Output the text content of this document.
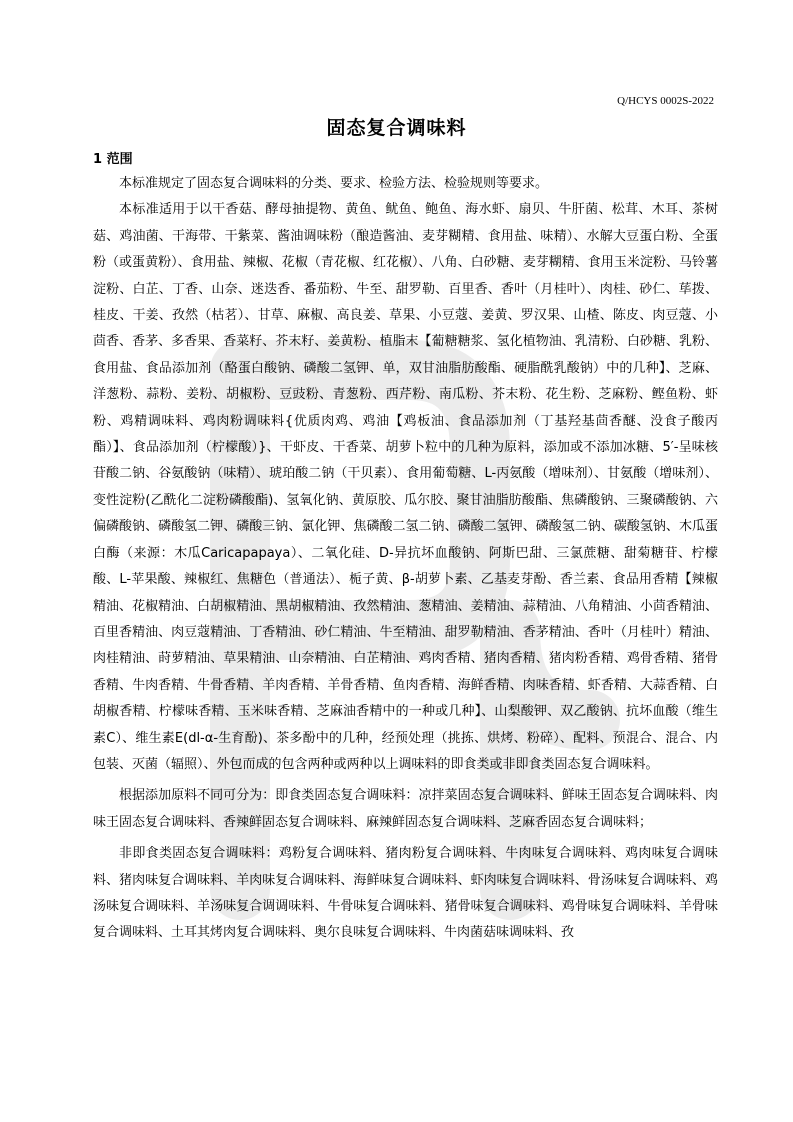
Q/HCYS 0002S-2022
固态复合调味料
1 范围

本标准规定了固态复合调味料的分类、要求、检验方法、检验规则等要求。

本标准适用于以干香菇、酵母抽提物、黄鱼、鱿鱼、鲍鱼、海水虾、扇贝、牛肝菌、松茸、木耳、茶树菇、鸡油菌、干海带、干紫菜、酱油调味粉（酿造酱油、麦芽糊精、食用盐、味精）、水解大豆蛋白粉、全蛋粉（或蛋黄粉）、食用盐、辣椒、花椒（青花椒、红花椒）、八角、白砂糖、麦芽糊精、食用玉米淀粉、马铃薯淀粉、白芷、丁香、山奈、迷迭香、番茄粉、牛至、甜罗勒、百里香、香叶（月桂叶）、肉桂、砂仁、荜拨、桂皮、干姜、孜然（枯茗）、甘草、麻椒、高良姜、草果、小豆蔻、姜黄、罗汉果、山楂、陈皮、肉豆蔻、小茴香、香茅、多香果、香菜籽、芥末籽、姜黄粉、植脂末【葡糖糖浆、氢化植物油、乳清粉、白砂糖、乳粉、食用盐、食品添加剂（酪蛋白酸钠、磷酸二氢钾、单，双甘油脂肪酸酯、硬脂酰乳酸钠）中的几种】、芝麻、洋葱粉、蒜粉、姜粉、胡椒粉、豆豉粉、青葱粉、西芹粉、南瓜粉、芥末粉、花生粉、芝麻粉、鲣鱼粉、虾粉、鸡精调味料、鸡肉粉调味料{优质肉鸡、鸡油【鸡板油、食品添加剂（丁基羟基茴香醚、没食子酸丙酯）】、食品添加剂（柠檬酸）}、干虾皮、干香菜、胡萝卜粒中的几种为原料，添加或不添加冰糖、5′-呈味核苷酸二钠、谷氨酸钠（味精）、琥珀酸二钠（干贝素）、食用葡萄糖、L-丙氨酸（增味剂）、甘氨酸（增味剂）、变性淀粉(乙酰化二淀粉磷酸酯)、氢氧化钠、黄原胶、瓜尔胶、聚甘油脂肪酸酯、焦磷酸钠、三聚磷酸钠、六偏磷酸钠、磷酸氢二钾、磷酸三钠、氯化钾、焦磷酸二氢二钠、磷酸二氢钾、磷酸氢二钠、碳酸氢钠、木瓜蛋白酶（来源：木瓜Caricapapaya）、二氧化硅、D-异抗坏血酸钠、阿斯巴甜、三氯蔗糖、甜菊糖苷、柠檬酸、L-苹果酸、辣椒红、焦糖色（普通法）、栀子黄、β-胡萝卜素、乙基麦芽酚、香兰素、食品用香精【辣椒精油、花椒精油、白胡椒精油、黑胡椒精油、孜然精油、葱精油、姜精油、蒜精油、八角精油、小茴香精油、百里香精油、肉豆蔻精油、丁香精油、砂仁精油、牛至精油、甜罗勒精油、香茅精油、香叶（月桂叶）精油、肉桂精油、莳萝精油、草果精油、山奈精油、白芷精油、鸡肉香精、猪肉香精、猪肉粉香精、鸡骨香精、猪骨香精、牛肉香精、牛骨香精、羊肉香精、羊骨香精、鱼肉香精、海鲜香精、肉味香精、虾香精、大蒜香精、白胡椒香精、柠檬味香精、玉米味香精、芝麻油香精中的一种或几种】、山梨酸钾、双乙酸钠、抗坏血酸（维生素C）、维生素E(dl-α-生育酚)、茶多酚中的几种，经预处理（挑拣、烘烤、粉碎）、配料、预混合、混合、内包装、灭菌（辐照）、外包而成的包含两种或两种以上调味料的即食类或非即食类固态复合调味料。

根据添加原料不同可分为：即食类固态复合调味料：凉拌菜固态复合调味料、鲜味王固态复合调味料、肉味王固态复合调味料、香辣鲜固态复合调味料、麻辣鲜固态复合调味料、芝麻香固态复合调味料；

非即食类固态复合调味料：鸡粉复合调味料、猪肉粉复合调味料、牛肉味复合调味料、鸡肉味复合调味料、猪肉味复合调味料、羊肉味复合调味料、海鲜味复合调味料、虾肉味复合调味料、骨汤味复合调味料、鸡汤味复合调味料、羊汤味复合调调味料、牛骨味复合调味料、猪骨味复合调味料、鸡骨味复合调味料、羊骨味复合调味料、土耳其烤肉复合调味料、奥尔良味复合调味料、牛肉菌菇味调味料、孜
